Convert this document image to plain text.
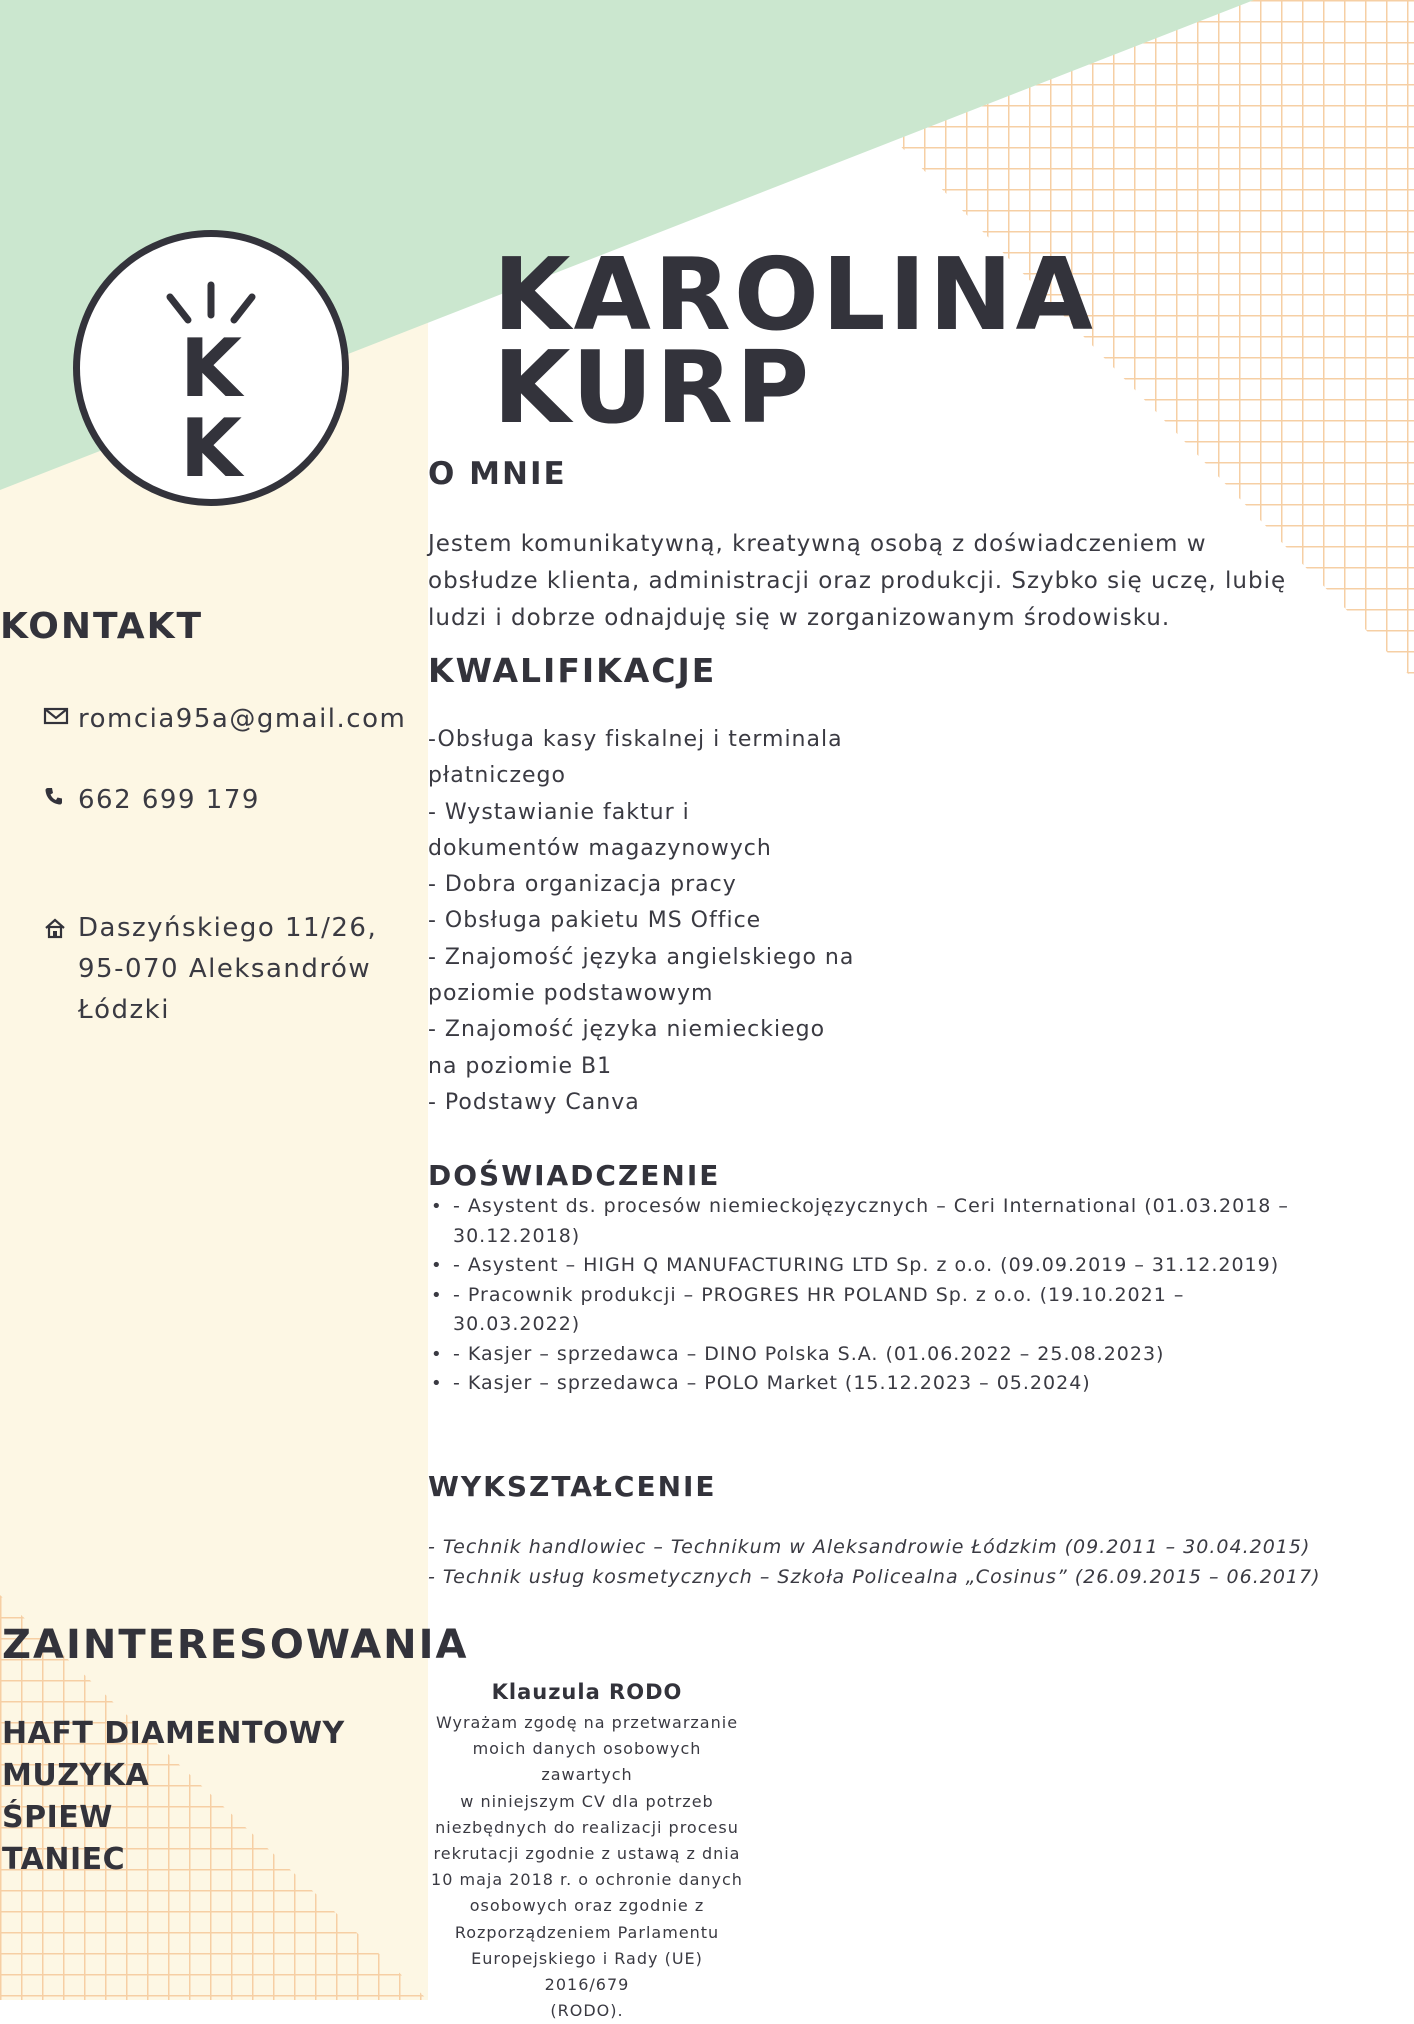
K K
KAROLINA
KURP
O MNIE
Jestem komunikatywną, kreatywną osobą z doświadczeniem w obsłudze klienta, administracji oraz produkcji. Szybko się uczę, lubię ludzi i dobrze odnajduję się w zorganizowanym środowisku.
KWALIFIKACJE
-Obsługa kasy fiskalnej i terminala
płatniczego
- Wystawianie faktur i
dokumentów magazynowych
- Dobra organizacja pracy
- Obsługa pakietu MS Office
- Znajomość języka angielskiego na
poziomie podstawowym
- Znajomość języka niemieckiego
na poziomie B1
- Podstawy Canva
DOŚWIADCZENIE
• - Asystent ds. procesów niemieckojęzycznych – Ceri International (01.03.2018 – 30.12.2018)
• - Asystent – HIGH Q MANUFACTURING LTD Sp. z o.o. (09.09.2019 – 31.12.2019)
• - Pracownik produkcji – PROGRES HR POLAND Sp. z o.o. (19.10.2021 – 30.03.2022)
• - Kasjer – sprzedawca – DINO Polska S.A. (01.06.2022 – 25.08.2023)
• - Kasjer – sprzedawca – POLO Market (15.12.2023 – 05.2024)
WYKSZTAŁCENIE
- Technik handlowiec – Technikum w Aleksandrowie Łódzkim (09.2011 – 30.04.2015)
- Technik usług kosmetycznych – Szkoła Policealna „Cosinus” (26.09.2015 – 06.2017)
KONTAKT
romcia95a@gmail.com
662 699 179
Daszyńskiego 11/26,
95-070 Aleksandrów
Łódzki
ZAINTERESOWANIA
HAFT DIAMENTOWY
MUZYKA
ŚPIEW
TANIEC
Klauzula RODO
Wyrażam zgodę na przetwarzanie
moich danych osobowych zawartych
w niniejszym CV dla potrzeb
niezbędnych do realizacji procesu
rekrutacji zgodnie z ustawą z dnia
10 maja 2018 r. o ochronie danych
osobowych oraz zgodnie z
Rozporządzeniem Parlamentu
Europejskiego i Rady (UE) 2016/679
(RODO).
